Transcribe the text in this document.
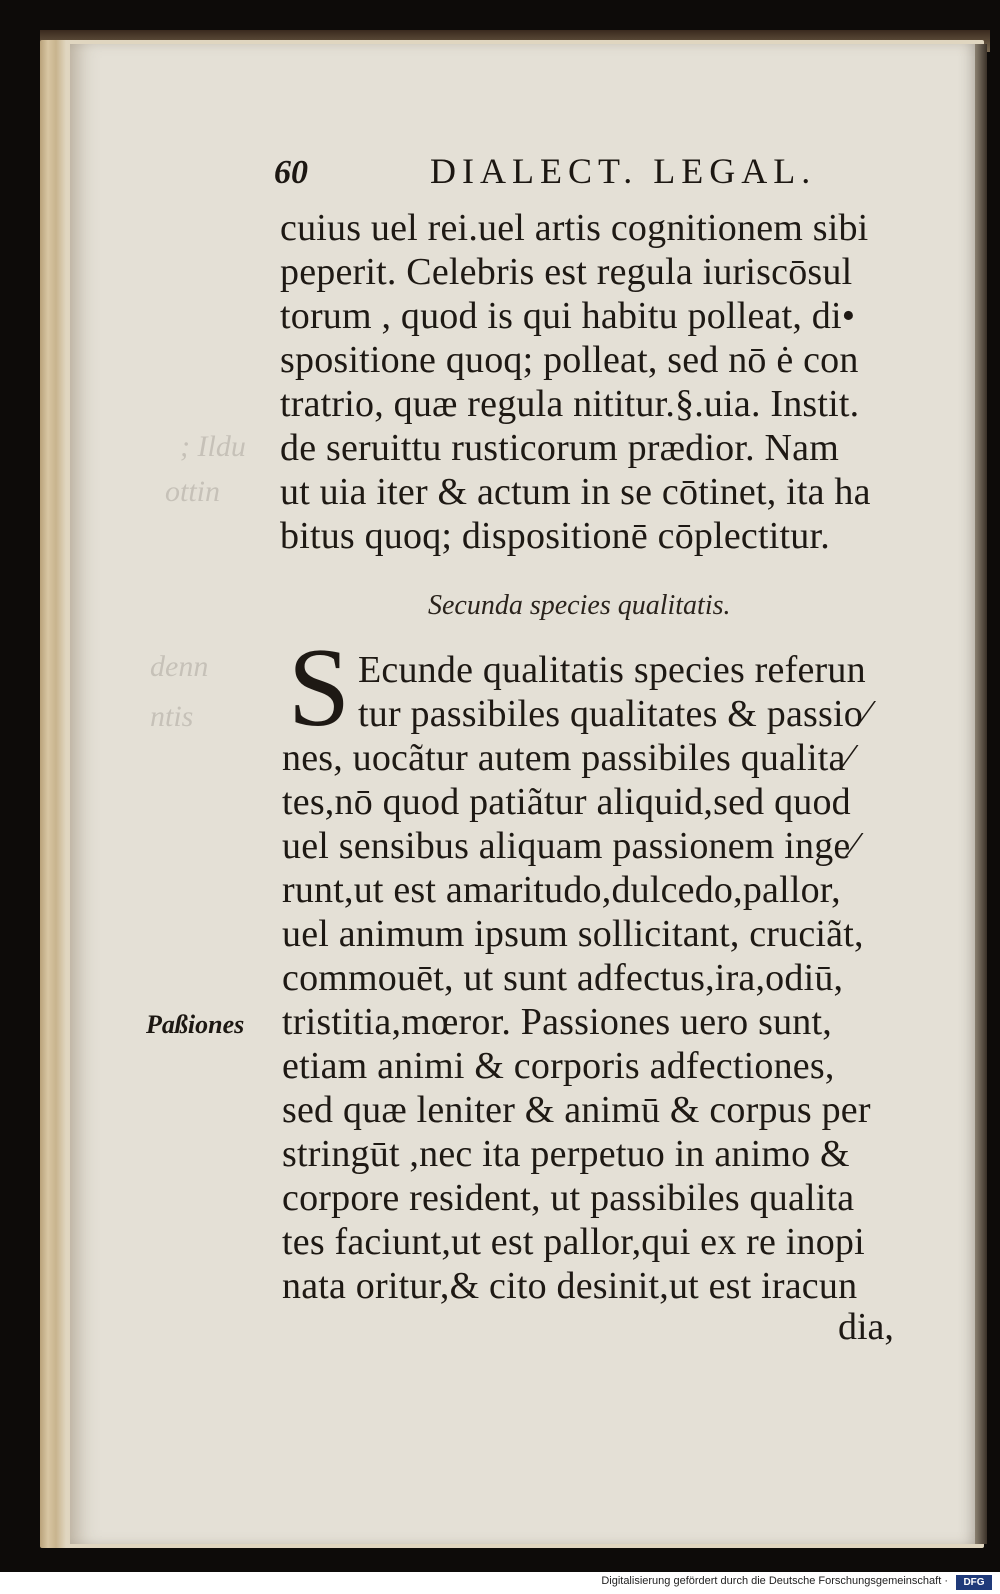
; Ildu
ottin
denn
ntis
60	DIALECT. LEGAL.
cuius uel rei.uel artis cognitionem sibi
peperit. Celebris est regula iuriscōsul
torum , quod is qui habitu polleat, di•
spositione quoq; polleat, sed nō ė con
tratrio, quæ regula nititur.§.uia. Instit.
de seruittu rusticorum prædior. Nam
ut uia iter & actum in se cōtinet, ita ha
bitus quoq; dispositionē cōplectitur.
Secunda species qualitatis.
S Ecunde qualitatis species referun
tur passibiles qualitates & passio⁄
nes, uocãtur autem passibiles qualita⁄
tes,nō quod patiãtur aliquid,sed quod
uel sensibus aliquam passionem inge⁄
runt,ut est amaritudo,dulcedo,pallor,
uel animum ipsum sollicitant, cruciãt,
commouēt, ut sunt adfectus,ira,odiū,
tristitia,mœror. Passiones uero sunt,
etiam animi & corporis adfectiones,
sed quæ leniter & animū & corpus per
stringūt ,nec ita perpetuo in animo &
corpore resident, ut passibiles qualita
tes faciunt,ut est pallor,qui ex re inopi
nata oritur,& cito desinit,ut est iracun
dia,
Paßiones
Digitalisierung gefördert durch die Deutsche Forschungsgemeinschaft ·	DFG
